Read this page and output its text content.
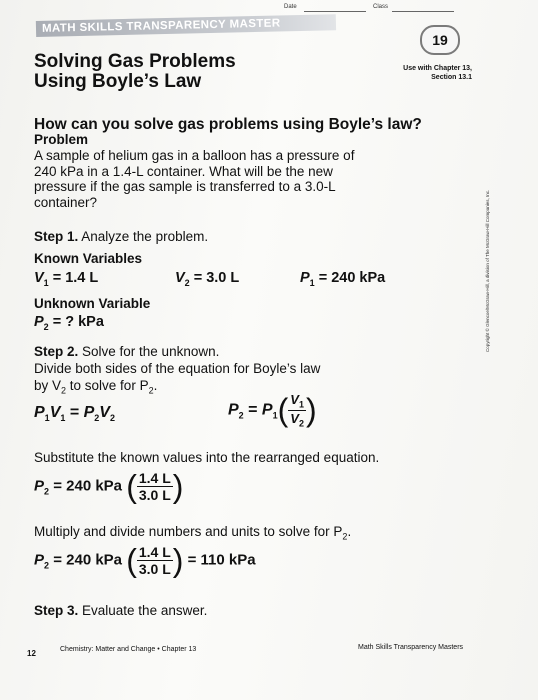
Date	Class
MATH SKILLS TRANSPARENCY MASTER
19
Solving Gas Problems
Using Boyle’s Law
Use with Chapter 13,
Section 13.1
How can you solve gas problems using Boyle’s law?
Problem
A sample of helium gas in a balloon has a pressure of
240 kPa in a 1.4-L container. What will be the new
pressure if the gas sample is transferred to a 3.0-L
container?
Step 1. Analyze the problem.
Known Variables
$V_1 = 1.4$ L	$V_2 = 3.0$ L	$P_1 = 240$ kPa
Unknown Variable
$P_2$ = ? kPa
Step 2. Solve for the unknown.
Divide both sides of the equation for Boyle’s law
by $V_2$ to solve for $P_2$.
$P_1V_1 = P_2V_2$	$P_2 = P_1( \frac{V_1}{V_2}$ )
Substitute the known values into the rearranged equation.
$P_2 = 240$ kPa ( $\frac{1.4 L}{3.0 L}$ )
Multiply and divide numbers and units to solve for $P_2$.
$P_2 = 240$ kPa ( $\frac{1.4 L}{3.0 L}$ ) = 110 kPa
Step 3. Evaluate the answer.
Copyright © Glencoe/McGraw-Hill, a division of The McGraw-Hill Companies, Inc.
12	Chemistry: Matter and Change • Chapter 13	Math Skills Transparency Masters
